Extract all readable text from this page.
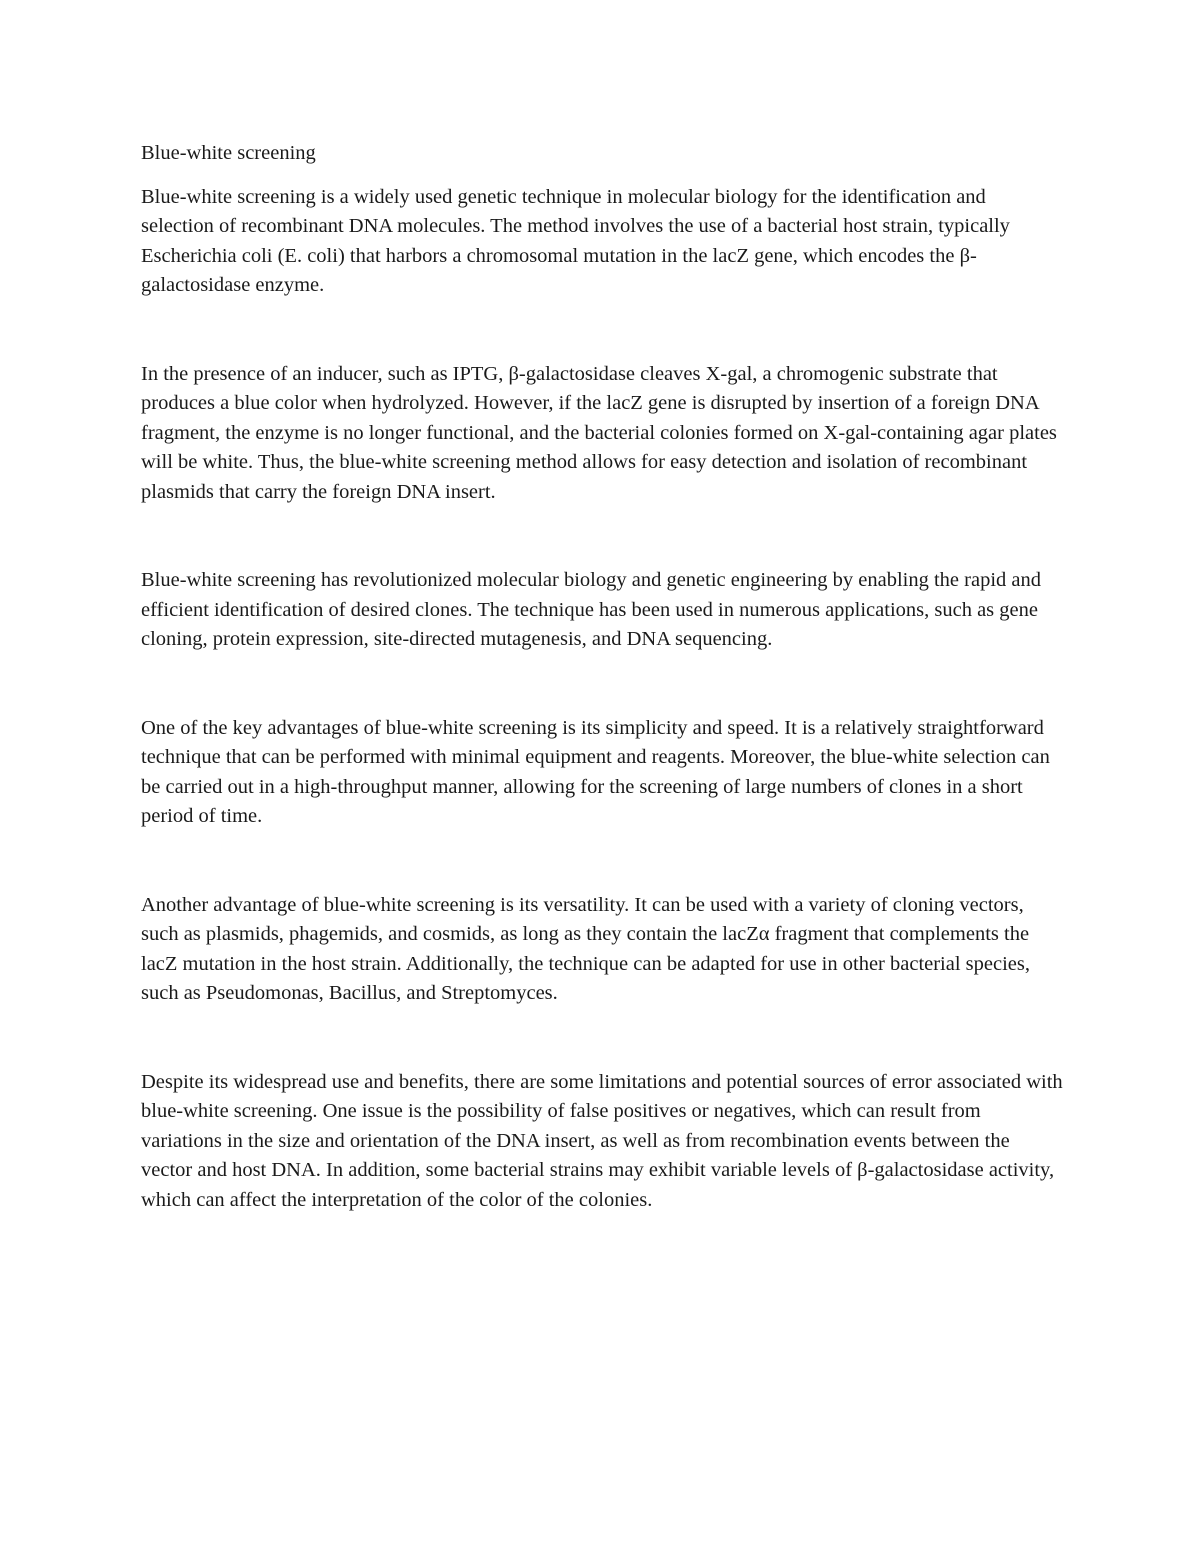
Blue-white screening

Blue-white screening is a widely used genetic technique in molecular biology for the identification and selection of recombinant DNA molecules. The method involves the use of a bacterial host strain, typically Escherichia coli (E. coli) that harbors a chromosomal mutation in the lacZ gene, which encodes the β-galactosidase enzyme.

In the presence of an inducer, such as IPTG, β-galactosidase cleaves X-gal, a chromogenic substrate that produces a blue color when hydrolyzed. However, if the lacZ gene is disrupted by insertion of a foreign DNA fragment, the enzyme is no longer functional, and the bacterial colonies formed on X-gal-containing agar plates will be white. Thus, the blue-white screening method allows for easy detection and isolation of recombinant plasmids that carry the foreign DNA insert.

Blue-white screening has revolutionized molecular biology and genetic engineering by enabling the rapid and efficient identification of desired clones. The technique has been used in numerous applications, such as gene cloning, protein expression, site-directed mutagenesis, and DNA sequencing.

One of the key advantages of blue-white screening is its simplicity and speed. It is a relatively straightforward technique that can be performed with minimal equipment and reagents. Moreover, the blue-white selection can be carried out in a high-throughput manner, allowing for the screening of large numbers of clones in a short period of time.

Another advantage of blue-white screening is its versatility. It can be used with a variety of cloning vectors, such as plasmids, phagemids, and cosmids, as long as they contain the lacZα fragment that complements the lacZ mutation in the host strain. Additionally, the technique can be adapted for use in other bacterial species, such as Pseudomonas, Bacillus, and Streptomyces.

Despite its widespread use and benefits, there are some limitations and potential sources of error associated with blue-white screening. One issue is the possibility of false positives or negatives, which can result from variations in the size and orientation of the DNA insert, as well as from recombination events between the vector and host DNA. In addition, some bacterial strains may exhibit variable levels of β-galactosidase activity, which can affect the interpretation of the color of the colonies.
